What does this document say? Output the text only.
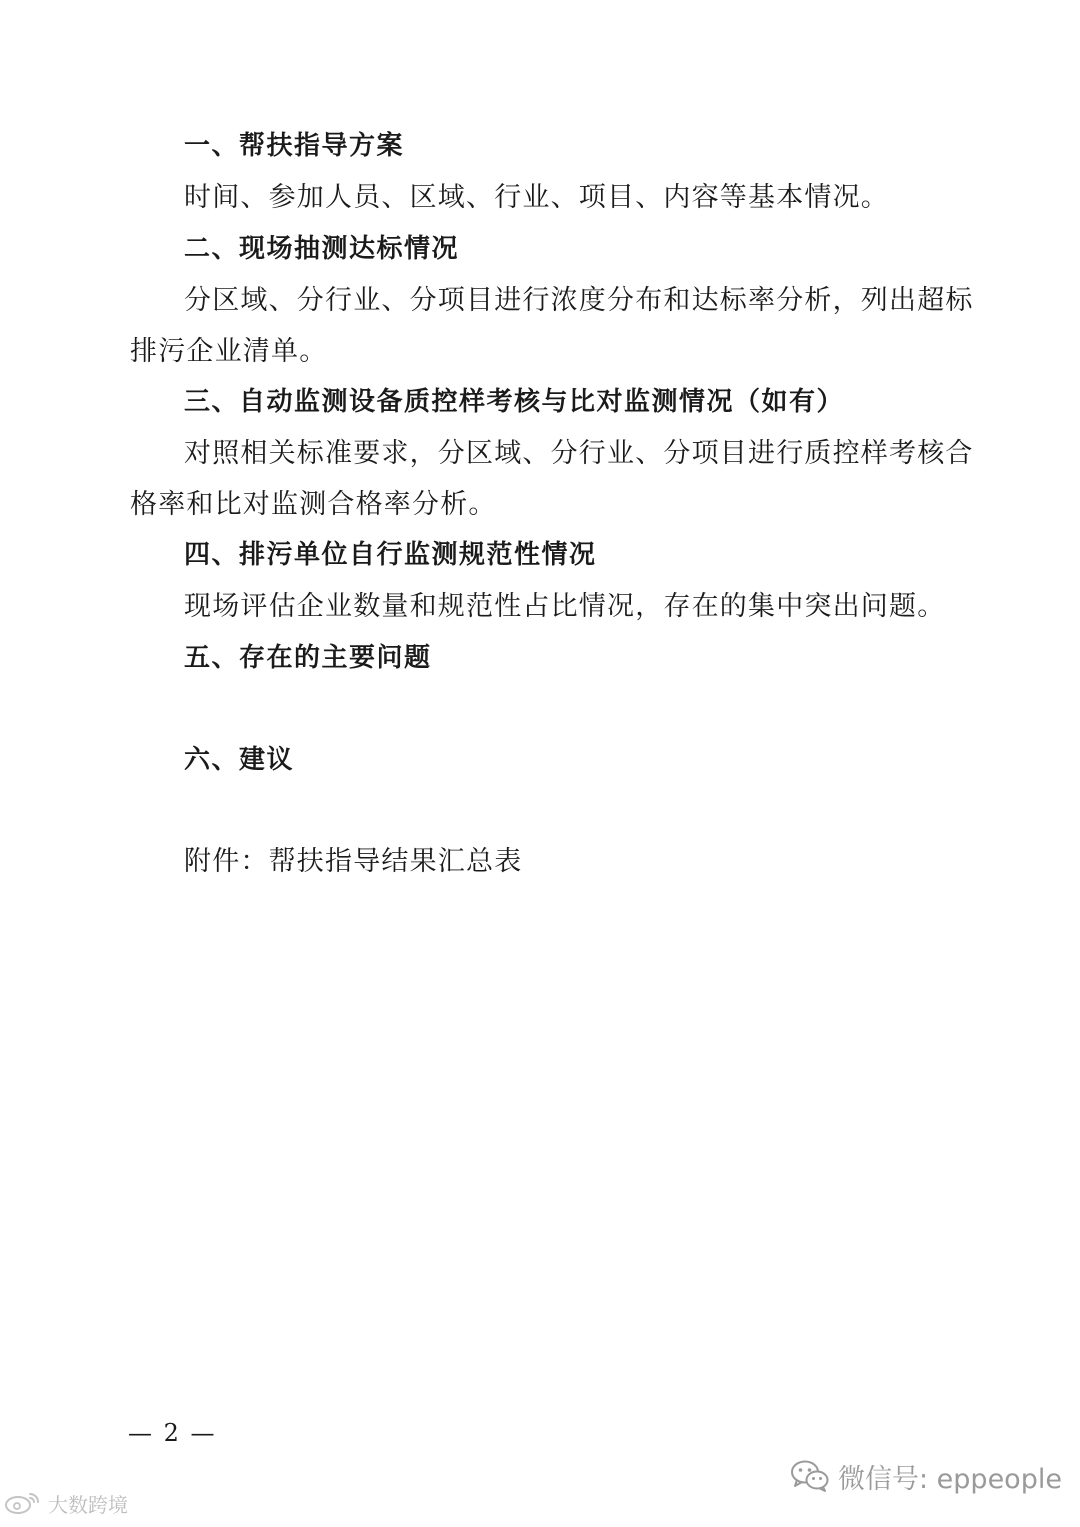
一、帮扶指导方案
时间、参加人员、区域、行业、项目、内容等基本情况。
二、现场抽测达标情况
分区域、分行业、分项目进行浓度分布和达标率分析，列出超标
排污企业清单。
三、自动监测设备质控样考核与比对监测情况（如有）
对照相关标准要求，分区域、分行业、分项目进行质控样考核合
格率和比对监测合格率分析。
四、排污单位自行监测规范性情况
现场评估企业数量和规范性占比情况，存在的集中突出问题。
五、存在的主要问题
六、建议
附件：帮扶指导结果汇总表
— 2 —
微信号: eppeople
大数跨境
